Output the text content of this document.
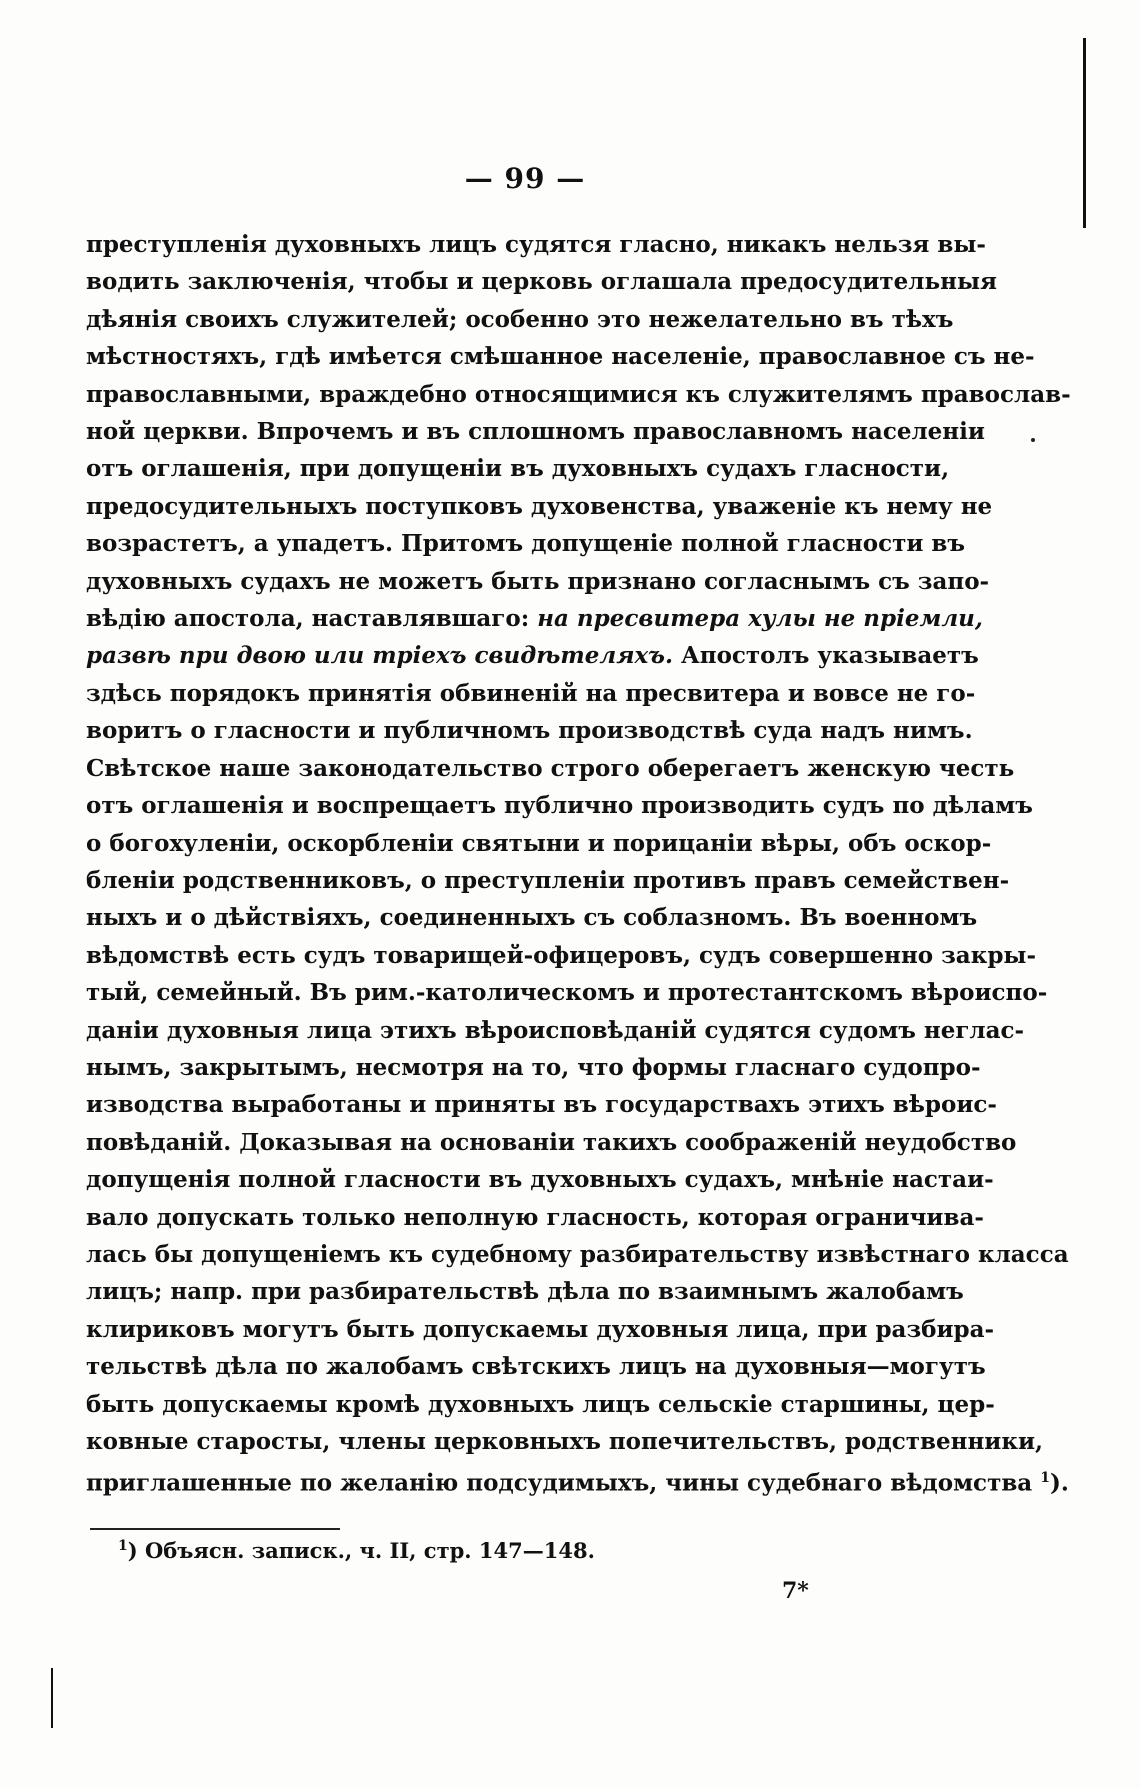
— 99 —
преступленія духовныхъ лицъ судятся гласно, никакъ нельзя вы-
водить заключенія, чтобы и церковь оглашала предосудительныя
дѣянія своихъ служителей; особенно это нежелательно въ тѣхъ
мѣстностяхъ, гдѣ имѣется смѣшанное населеніе, православное съ не-
православными, враждебно относящимися къ служителямъ православ-
ной церкви. Впрочемъ и въ сплошномъ православномъ населеніи
отъ оглашенія, при допущеніи въ духовныхъ судахъ гласности,
предосудительныхъ поступковъ духовенства, уваженіе къ нему не
возрастетъ, а упадетъ. Притомъ допущеніе полной гласности въ
духовныхъ судахъ не можетъ быть признано согласнымъ съ запо-
вѣдію апостола, наставлявшаго: на пресвитера хулы не пріемли,
развѣ при двою или тріехъ свидѣтеляхъ. Апостолъ указываетъ
здѣсь порядокъ принятія обвиненій на пресвитера и вовсе не го-
воритъ о гласности и публичномъ производствѣ суда надъ нимъ.
Свѣтское наше законодательство строго оберегаетъ женскую честь
отъ оглашенія и воспрещаетъ публично производить судъ по дѣламъ
о богохуленіи, оскорбленіи святыни и порицаніи вѣры, объ оскор-
бленіи родственниковъ, о преступленіи противъ правъ семействен-
ныхъ и о дѣйствіяхъ, соединенныхъ съ соблазномъ. Въ военномъ
вѣдомствѣ есть судъ товарищей-офицеровъ, судъ совершенно закры-
тый, семейный. Въ рим.-католическомъ и протестантскомъ вѣроиспо-
даніи духовныя лица этихъ вѣроисповѣданій судятся судомъ неглас-
нымъ, закрытымъ, несмотря на то, что формы гласнаго судопро-
изводства выработаны и приняты въ государствахъ этихъ вѣроис-
повѣданій. Доказывая на основаніи такихъ соображеній неудобство
допущенія полной гласности въ духовныхъ судахъ, мнѣніе настаи-
вало допускать только неполную гласность, которая ограничива-
лась бы допущеніемъ къ судебному разбирательству извѣстнаго класса
лицъ; напр. при разбирательствѣ дѣла по взаимнымъ жалобамъ
клириковъ могутъ быть допускаемы духовныя лица, при разбира-
тельствѣ дѣла по жалобамъ свѣтскихъ лицъ на духовныя—могутъ
быть допускаемы кромѣ духовныхъ лицъ сельскіе старшины, цер-
ковные старосты, члены церковныхъ попечительствъ, родственники,
приглашенные по желанію подсудимыхъ, чины судебнаго вѣдомства $^1$).
$^1$) Объясн. записк., ч. II, стр. 147—148.
7*
